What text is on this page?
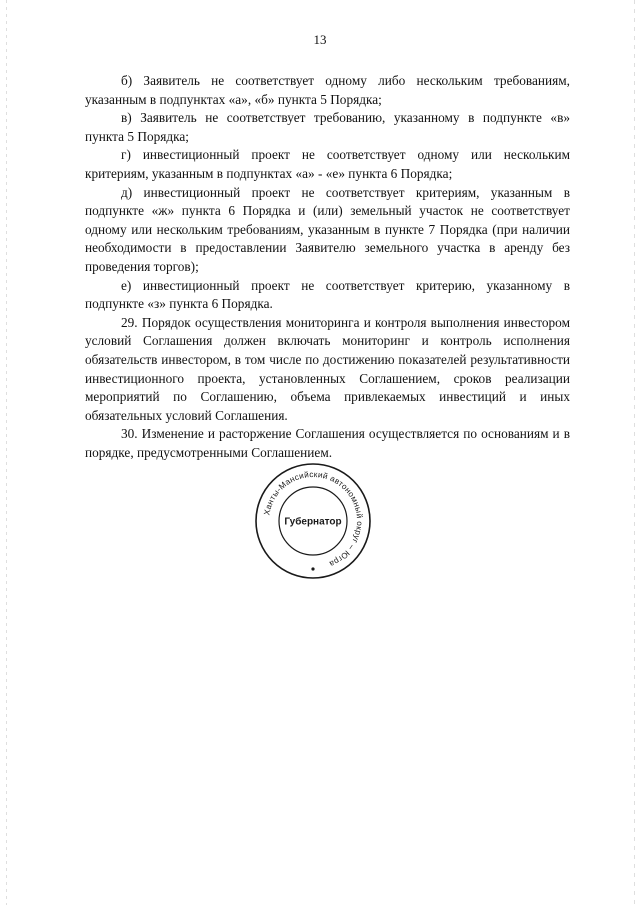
13

б) Заявитель не соответствует одному либо нескольким требованиям, указанным в подпунктах «а», «б» пункта 5 Порядка;

в) Заявитель не соответствует требованию, указанному в подпункте «в» пункта 5 Порядка;

г) инвестиционный проект не соответствует одному или нескольким критериям, указанным в подпунктах «а» - «е» пункта 6 Порядка;

д) инвестиционный проект не соответствует критериям, указанным в подпункте «ж» пункта 6 Порядка и (или) земельный участок не соответствует одному или нескольким требованиям, указанным в пункте 7 Порядка (при наличии необходимости в предоставлении Заявителю земельного участка в аренду без проведения торгов);

е) инвестиционный проект не соответствует критерию, указанному в подпункте «з» пункта 6 Порядка.

29. Порядок осуществления мониторинга и контроля выполнения инвестором условий Соглашения должен включать мониторинг и контроль исполнения обязательств инвестором, в том числе по достижению показателей результативности инвестиционного проекта, установленных Соглашением, сроков реализации мероприятий по Соглашению, объема привлекаемых инвестиций и иных обязательных условий Соглашения.

30. Изменение и расторжение Соглашения осуществляется по основаниям и в порядке, предусмотренными Соглашением.

Ханты-Мансийский автономный округ – Югра
Губернатор
